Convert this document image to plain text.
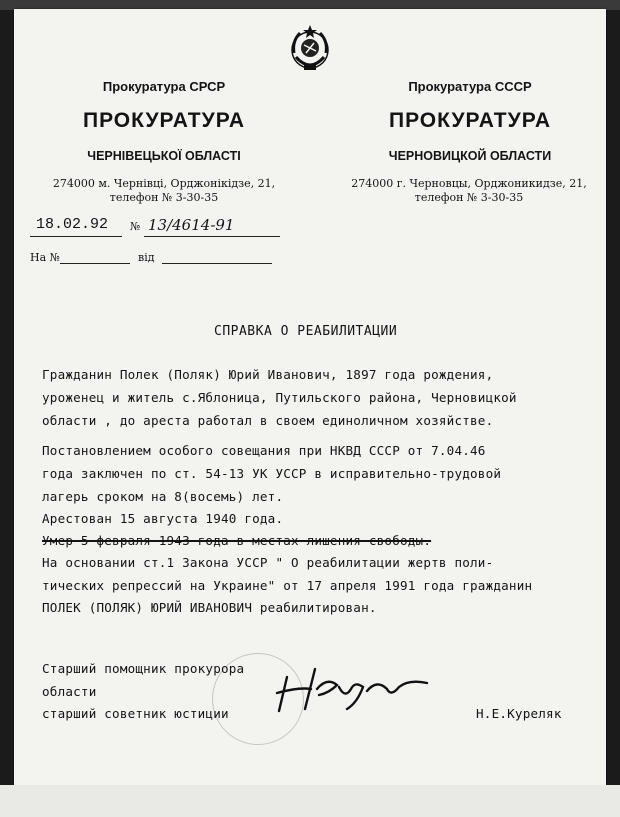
Прокуратура СРСР
ПРОКУРАТУРА
ЧЕРНІВЕЦЬКОЇ ОБЛАСТІ
274000 м. Чернівці, Орджонікідзе, 21,
телефон № 3-30-35
Прокуратура СССР
ПРОКУРАТУРА
ЧЕРНОВИЦКОЙ ОБЛАСТИ
274000 г. Черновцы, Орджоникидзе, 21,
телефон № 3-30-35
18.02.92 № 13/4614-91
На №	від
СПРАВКА О РЕАБИЛИТАЦИИ
Гражданин Полек (Поляк) Юрий Иванович, 1897 года рождения,
уроженец и житель с.Яблоница, Путильского района, Черновицкой
области , до ареста работал в своем единоличном хозяйстве.
Постановлением особого совещания при НКВД СССР от 7.04.46
года заключен по ст. 54-13 УК УССР в исправительно-трудовой
лагерь сроком на 8(восемь) лет.
Арестован 15 августа 1940 года.
Умер 5 февраля 1943 года в местах лишения свободы.
На основании ст.1 Закона УССР " О реабилитации жертв поли-
тических репрессий на Украине" от 17 апреля 1991 года гражданин
ПОЛЕК (ПОЛЯК) ЮРИЙ ИВАНОВИЧ реабилитирован.
Старший помощник прокурора
области
старший советник юстиции	Н.Е.Куреляк
